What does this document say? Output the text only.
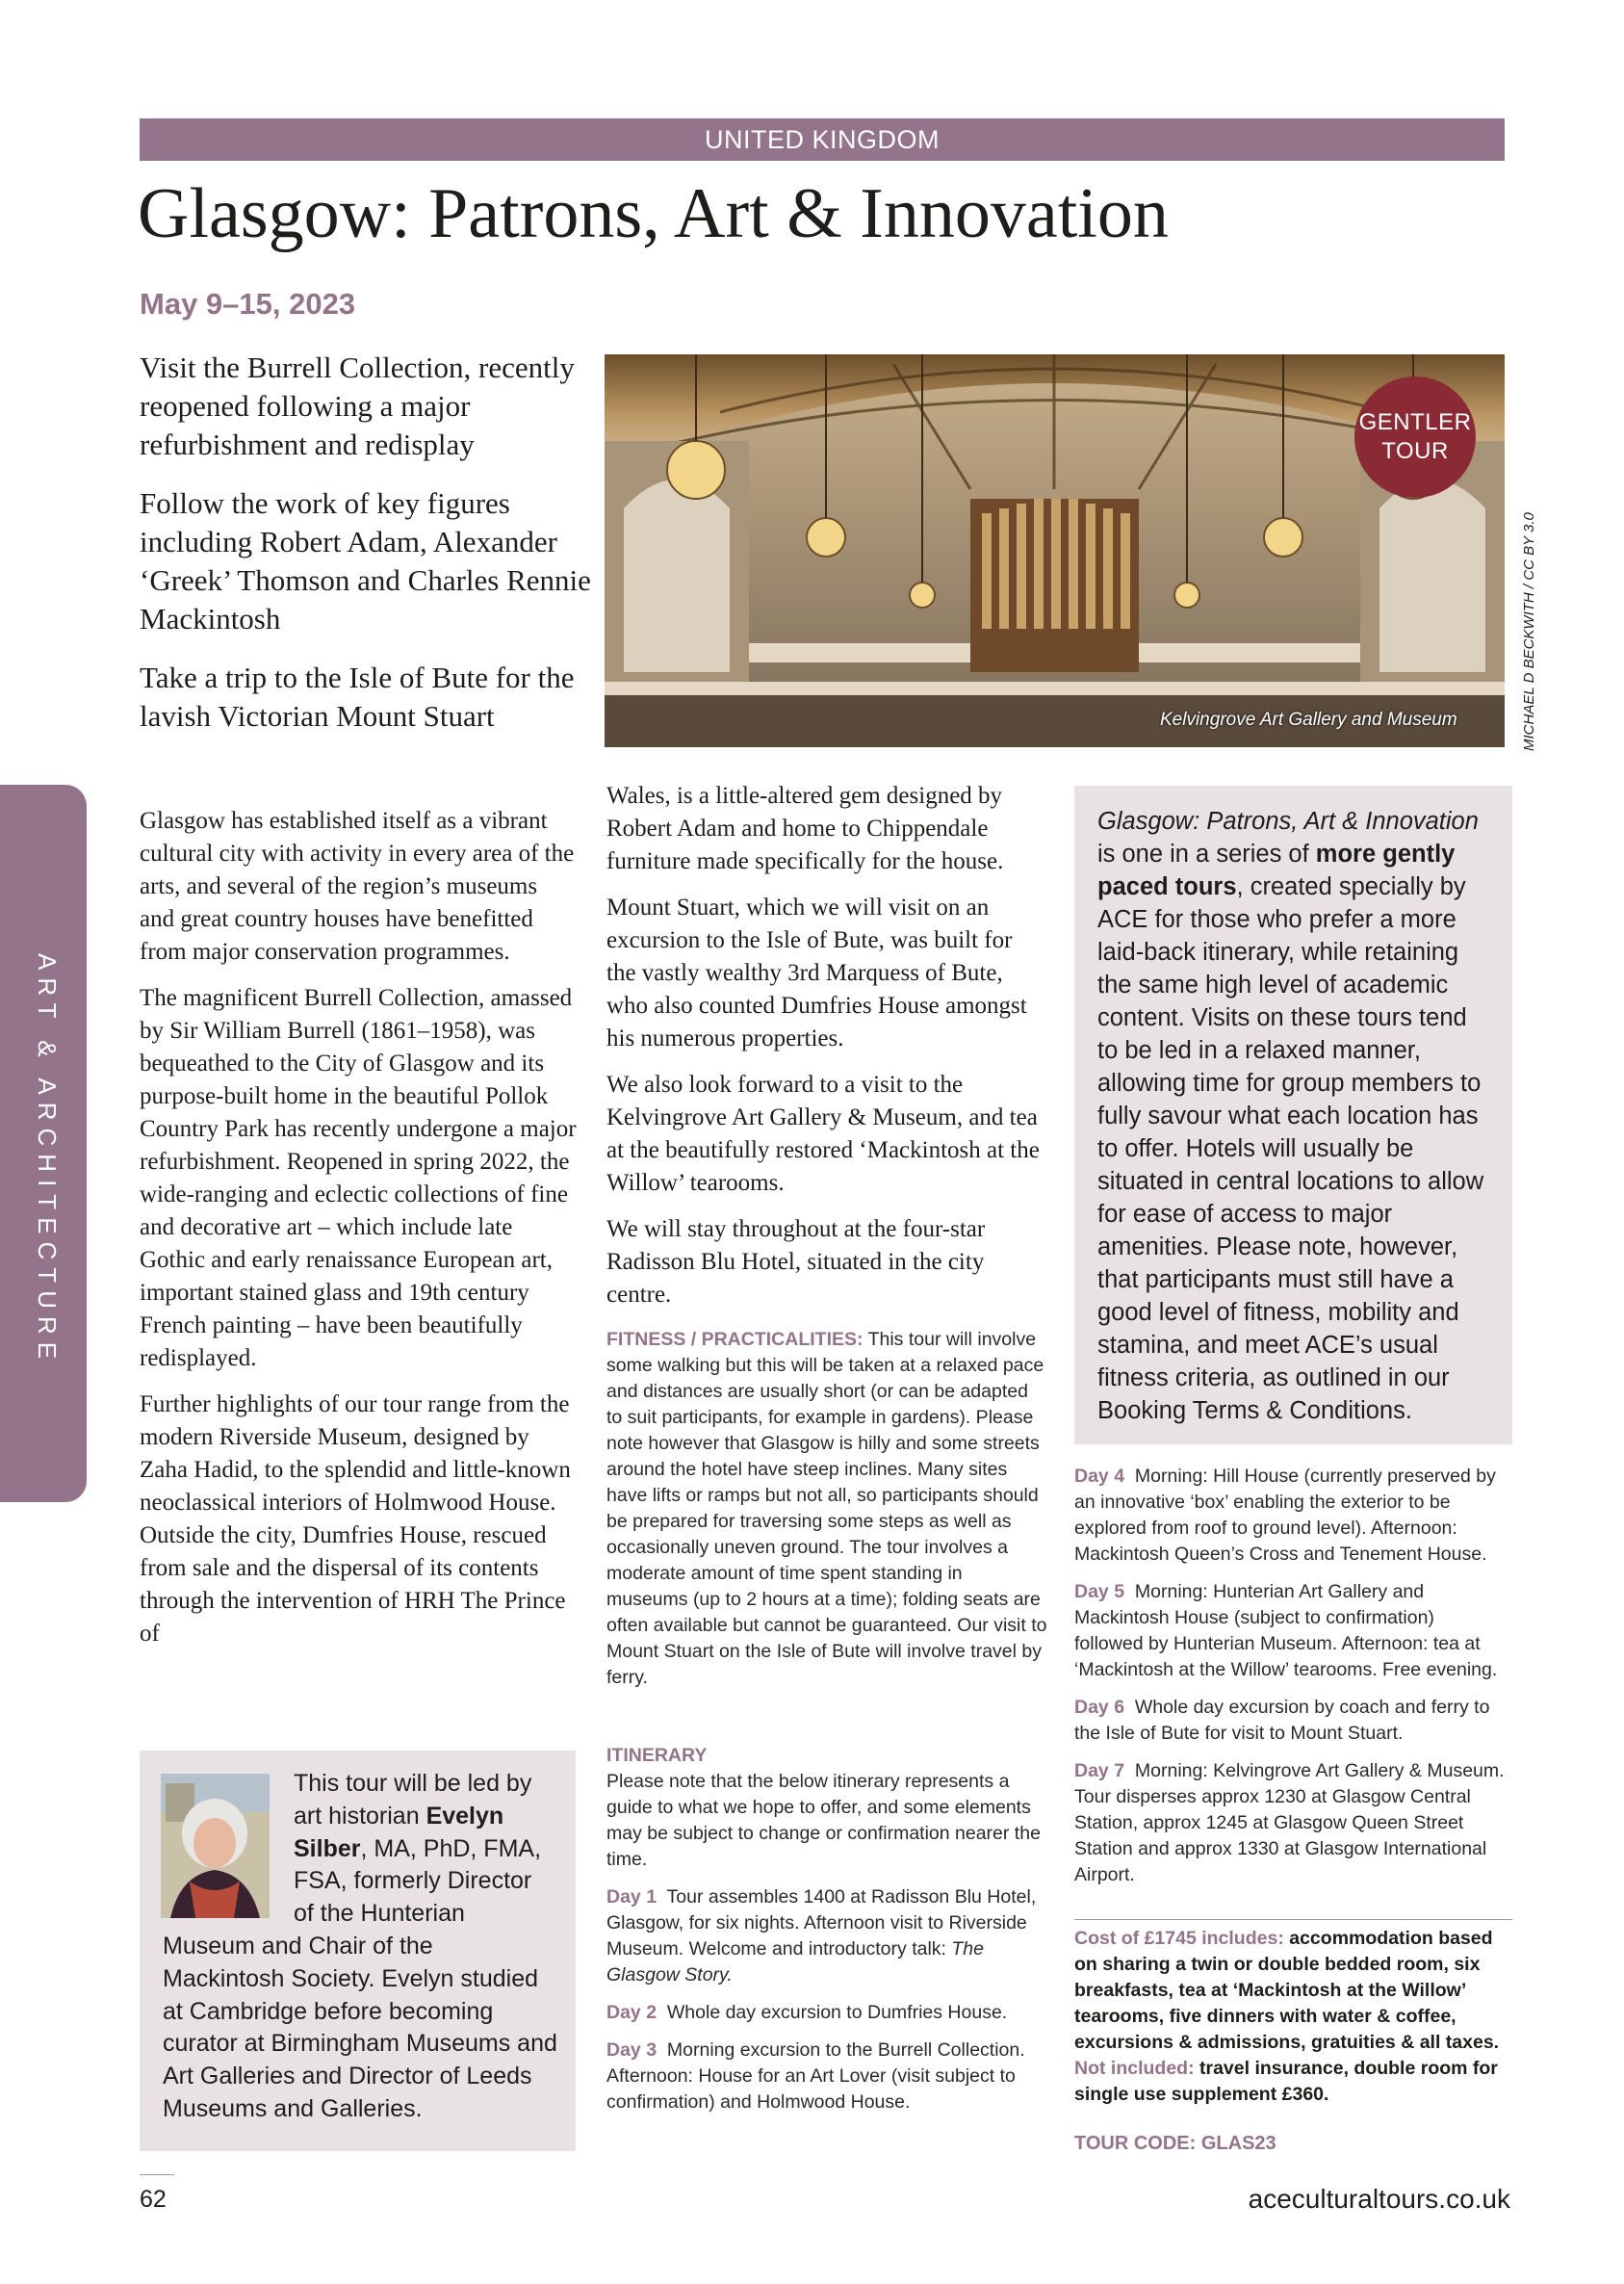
UNITED KINGDOM
Glasgow: Patrons, Art & Innovation
May 9–15, 2023

Visit the Burrell Collection, recently reopened following a major refurbishment and redisplay

Follow the work of key figures including Robert Adam, Alexander ‘Greek’ Thomson and Charles Rennie Mackintosh

Take a trip to the Isle of Bute for the lavish Victorian Mount Stuart

GENTLER
TOUR
Kelvingrove Art Gallery and Museum	MICHAEL D BECKWITH / CC BY 3.0
ART & ARCHITECTURE

Glasgow has established itself as a vibrant cultural city with activity in every area of the arts, and several of the region’s museums and great country houses have benefitted from major conservation programmes.

The magnificent Burrell Collection, amassed by Sir William Burrell (1861–1958), was bequeathed to the City of Glasgow and its purpose-built home in the beautiful Pollok Country Park has recently undergone a major refurbishment. Reopened in spring 2022, the wide-ranging and eclectic collections of fine and decorative art – which include late Gothic and early renaissance European art, important stained glass and 19th century French painting – have been beautifully redisplayed.

Further highlights of our tour range from the modern Riverside Museum, designed by Zaha Hadid, to the splendid and little-known neoclassical interiors of Holmwood House. Outside the city, Dumfries House, rescued from sale and the dispersal of its contents through the intervention of HRH The Prince of

Wales, is a little-altered gem designed by Robert Adam and home to Chippendale furniture made specifically for the house.

Mount Stuart, which we will visit on an excursion to the Isle of Bute, was built for the vastly wealthy 3rd Marquess of Bute, who also counted Dumfries House amongst his numerous properties.

We also look forward to a visit to the Kelvingrove Art Gallery & Museum, and tea at the beautifully restored ‘Mackintosh at the Willow’ tearooms.

We will stay throughout at the four-star Radisson Blu Hotel, situated in the city centre.

FITNESS / PRACTICALITIES: This tour will involve some walking but this will be taken at a relaxed pace and distances are usually short (or can be adapted to suit participants, for example in gardens). Please note however that Glasgow is hilly and some streets around the hotel have steep inclines. Many sites have lifts or ramps but not all, so participants should be prepared for traversing some steps as well as occasionally uneven ground. The tour involves a moderate amount of time spent standing in museums (up to 2 hours at a time); folding seats are often available but cannot be guaranteed. Our visit to Mount Stuart on the Isle of Bute will involve travel by ferry.

ITINERARY

Please note that the below itinerary represents a guide to what we hope to offer, and some elements may be subject to change or confirmation nearer the time.

Day 1 Tour assembles 1400 at Radisson Blu Hotel, Glasgow, for six nights. Afternoon visit to Riverside Museum. Welcome and introductory talk: The Glasgow Story.

Day 2 Whole day excursion to Dumfries House.

Day 3 Morning excursion to the Burrell Collection. Afternoon: House for an Art Lover (visit subject to confirmation) and Holmwood House.

Day 4 Morning: Hill House (currently preserved by an innovative ‘box’ enabling the exterior to be explored from roof to ground level). Afternoon: Mackintosh Queen’s Cross and Tenement House.

Day 5 Morning: Hunterian Art Gallery and Mackintosh House (subject to confirmation) followed by Hunterian Museum. Afternoon: tea at ‘Mackintosh at the Willow’ tearooms. Free evening.

Day 6 Whole day excursion by coach and ferry to the Isle of Bute for visit to Mount Stuart.

Day 7 Morning: Kelvingrove Art Gallery & Museum. Tour disperses approx 1230 at Glasgow Central Station, approx 1245 at Glasgow Queen Street Station and approx 1330 at Glasgow International Airport.

This tour will be led by art historian Evelyn Silber, MA, PhD, FMA, FSA, formerly Director of the Hunterian Museum and Chair of the Mackintosh Society. Evelyn studied at Cambridge before becoming curator at Birmingham Museums and Art Galleries and Director of Leeds Museums and Galleries.
Glasgow: Patrons, Art & Innovation is one in a series of more gently paced tours, created specially by ACE for those who prefer a more laid-back itinerary, while retaining the same high level of academic content. Visits on these tours tend to be led in a relaxed manner, allowing time for group members to fully savour what each location has to offer. Hotels will usually be situated in central locations to allow for ease of access to major amenities. Please note, however, that participants must still have a good level of fitness, mobility and stamina, and meet ACE’s usual fitness criteria, as outlined in our Booking Terms & Conditions.
Cost of £1745 includes: accommodation based on sharing a twin or double bedded room, six breakfasts, tea at ‘Mackintosh at the Willow’ tearooms, five dinners with water & coffee, excursions & admissions, gratuities & all taxes. Not included: travel insurance, double room for single use supplement £360.
TOUR CODE: GLAS23
62	aceculturaltours.co.uk
